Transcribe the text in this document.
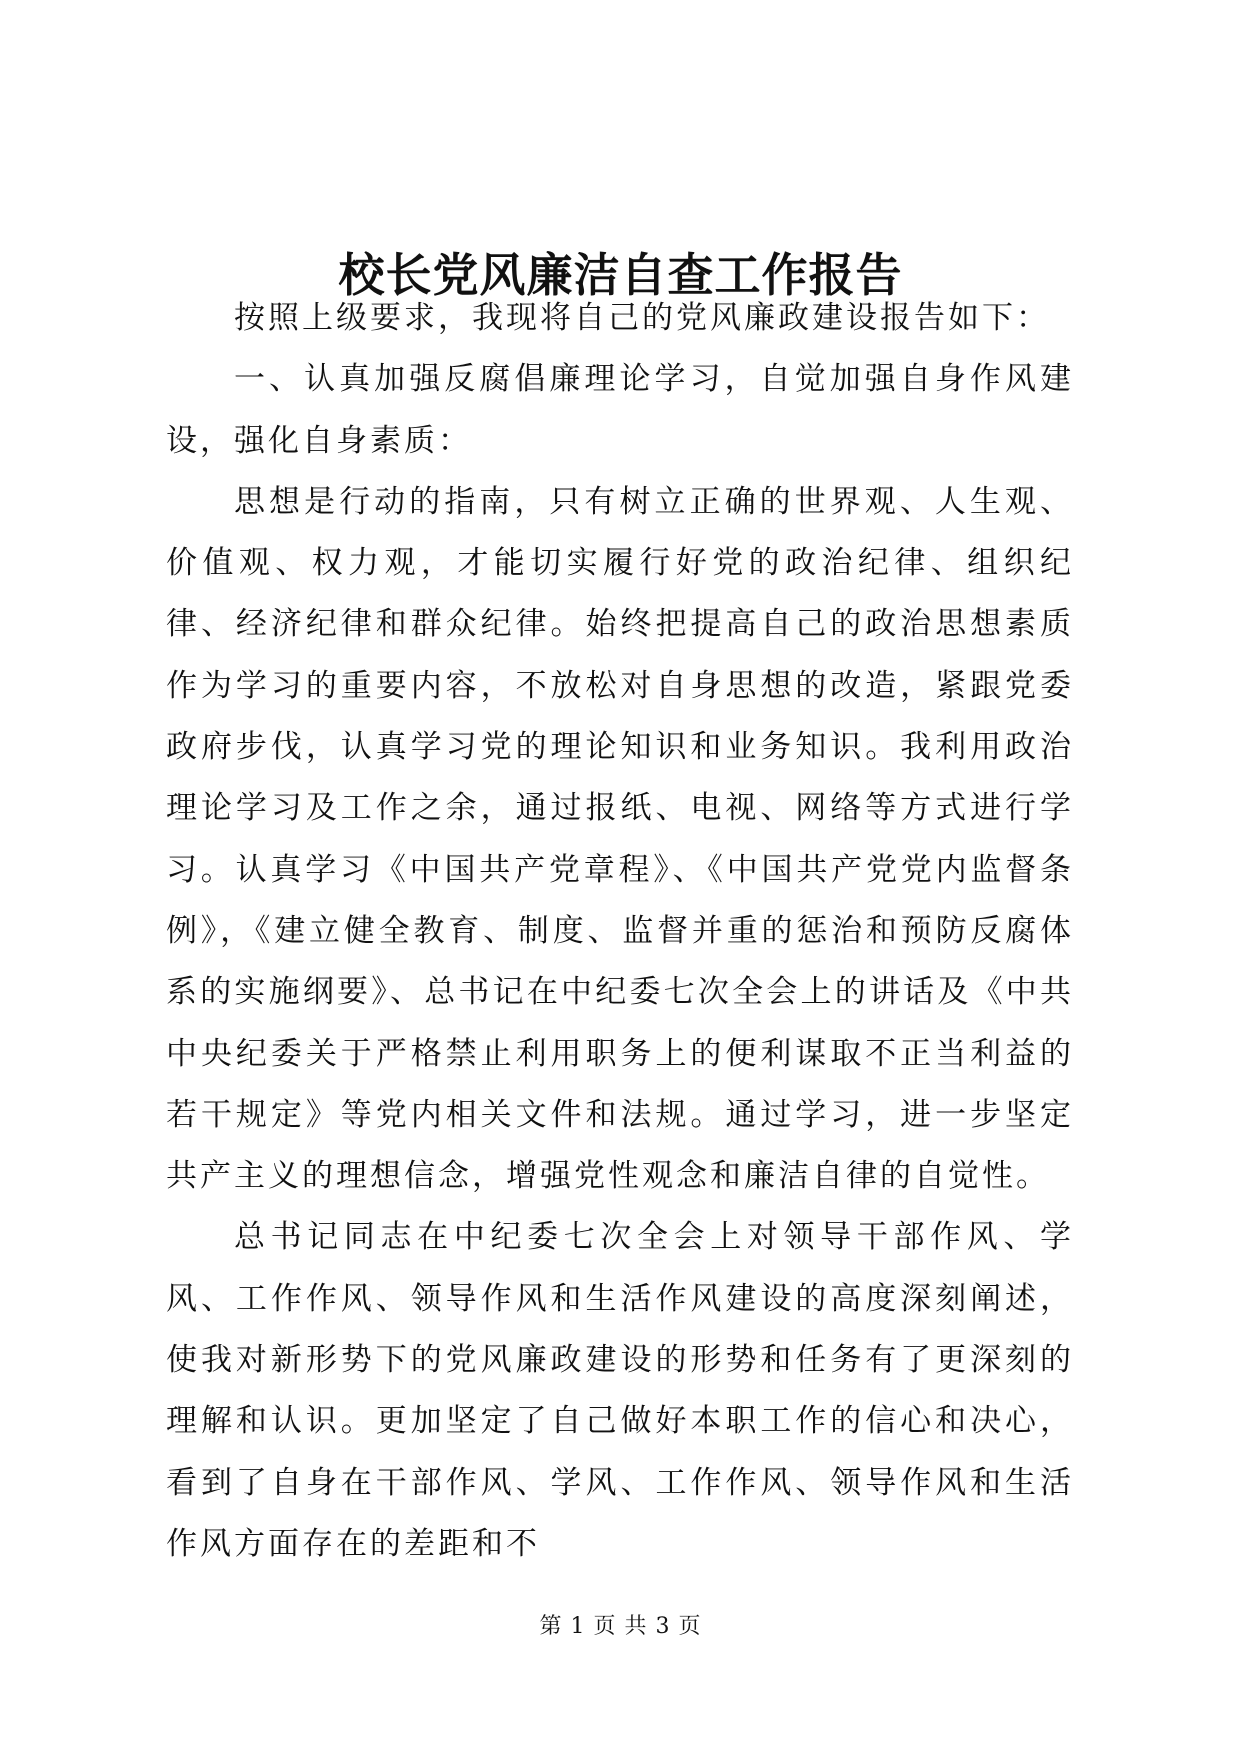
校长党风廉洁自查工作报告

按照上级要求，我现将自己的党风廉政建设报告如下：

一、认真加强反腐倡廉理论学习，自觉加强自身作风建设，强化自身素质：

思想是行动的指南，只有树立正确的世界观、人生观、价值观、权力观，才能切实履行好党的政治纪律、组织纪律、经济纪律和群众纪律。始终把提高自己的政治思想素质作为学习的重要内容，不放松对自身思想的改造，紧跟党委政府步伐，认真学习党的理论知识和业务知识。我利用政治理论学习及工作之余，通过报纸、电视、网络等方式进行学习。认真学习《中国共产党章程》、《中国共产党党内监督条例》，《建立健全教育、制度、监督并重的惩治和预防反腐体系的实施纲要》、总书记在中纪委七次全会上的讲话及《中共中央纪委关于严格禁止利用职务上的便利谋取不正当利益的若干规定》等党内相关文件和法规。通过学习，进一步坚定共产主义的理想信念，增强党性观念和廉洁自律的自觉性。

总书记同志在中纪委七次全会上对领导干部作风、学风、工作作风、领导作风和生活作风建设的高度深刻阐述，使我对新形势下的党风廉政建设的形势和任务有了更深刻的理解和认识。更加坚定了自己做好本职工作的信心和决心，看到了自身在干部作风、学风、工作作风、领导作风和生活作风方面存在的差距和不

第 1 页 共 3 页
